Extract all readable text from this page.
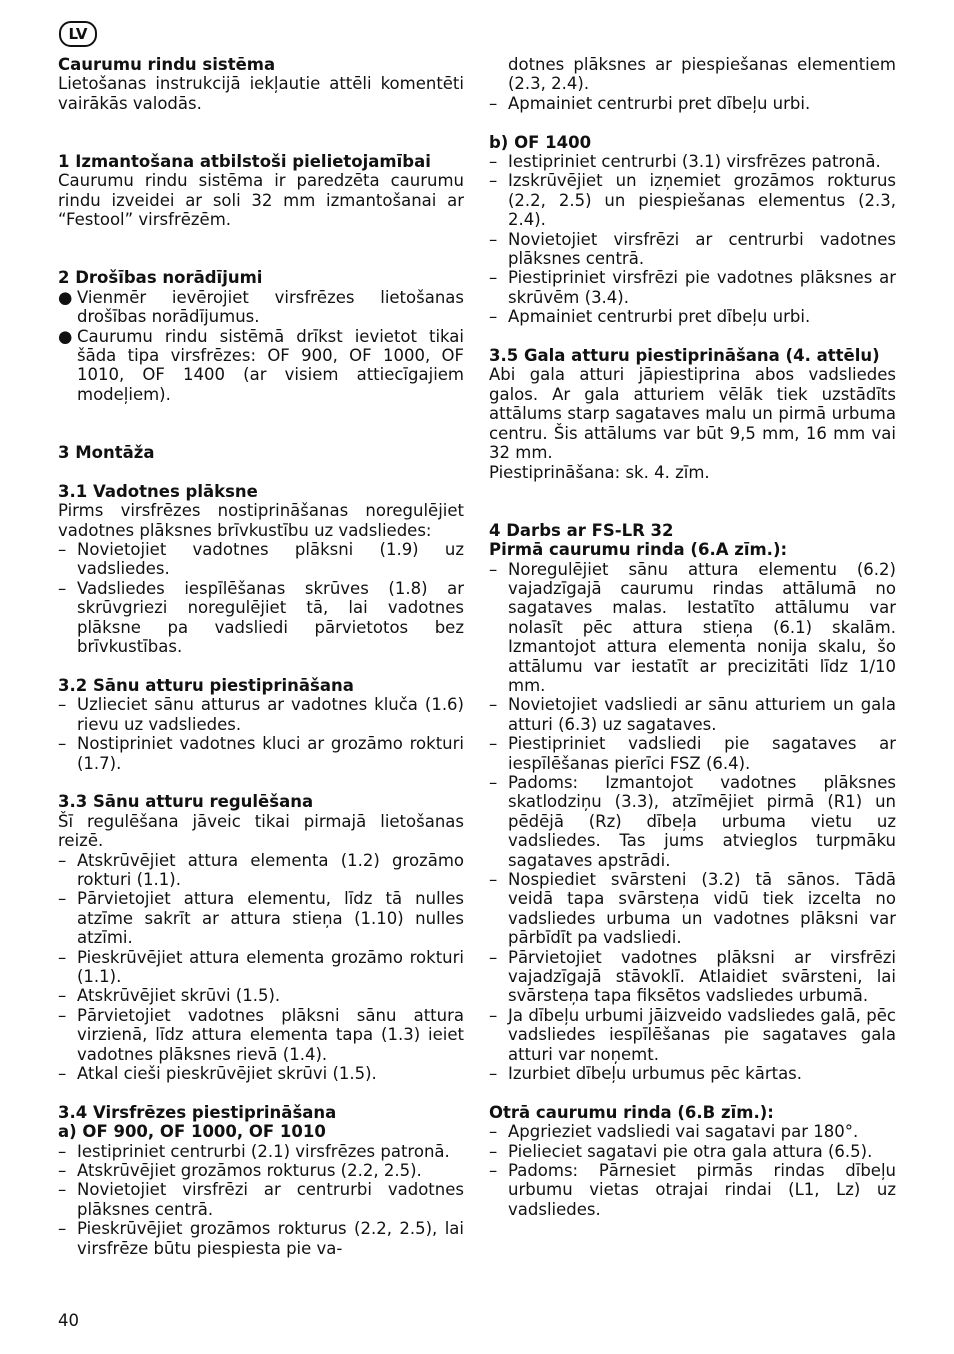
LV
Caurumu rindu sistēma
Lietošanas instrukcijā iekļautie attēli komentēti vairākās valodās.
1 Izmantošana atbilstoši pielietojamībai
Caurumu rindu sistēma ir paredzēta caurumu rindu izveidei ar soli 32 mm izmantošanai ar “Festool” virsfrēzēm.
2 Drošības norādījumi
● Vienmēr ievērojiet virsfrēzes lietošanas drošības norādījumus.
● Caurumu rindu sistēmā drīkst ievietot tikai šāda tipa virsfrēzes: OF 900, OF 1000, OF 1010, OF 1400 (ar visiem attiecīgajiem modeļiem).
3 Montāža
3.1 Vadotnes plāksne
Pirms virsfrēzes nostiprināšanas noregulējiet vadotnes plāksnes brīvkustību uz vadsliedes:
– Novietojiet vadotnes plāksni (1.9) uz vadsliedes.
– Vadsliedes iespīlēšanas skrūves (1.8) ar skrūvgriezi noregulējiet tā, lai vadotnes plāksne pa vadsliedi pārvietotos bez brīvkustības.
3.2 Sānu atturu piestiprināšana
– Uzlieciet sānu atturus ar vadotnes kluča (1.6) rievu uz vadsliedes.
– Nostipriniet vadotnes kluci ar grozāmo rokturi (1.7).
3.3 Sānu atturu regulēšana
Šī regulēšana jāveic tikai pirmajā lietošanas reizē.
– Atskrūvējiet attura elementa (1.2) grozāmo rokturi (1.1).
– Pārvietojiet attura elementu, līdz tā nulles atzīme sakrīt ar attura stieņa (1.10) nulles atzīmi.
– Pieskrūvējiet attura elementa grozāmo rokturi (1.1).
– Atskrūvējiet skrūvi (1.5).
– Pārvietojiet vadotnes plāksni sānu attura virzienā, līdz attura elementa tapa (1.3) ieiet vadotnes plāksnes rievā (1.4).
– Atkal cieši pieskrūvējiet skrūvi (1.5).
3.4 Virsfrēzes piestiprināšana
a) OF 900, OF 1000, OF 1010
– Iestipriniet centrurbi (2.1) virsfrēzes patronā.
– Atskrūvējiet grozāmos rokturus (2.2, 2.5).
– Novietojiet virsfrēzi ar centrurbi vadotnes plāksnes centrā.
– Pieskrūvējiet grozāmos rokturus (2.2, 2.5), lai virsfrēze būtu piespiesta pie va-
dotnes plāksnes ar piespiešanas elementiem (2.3, 2.4).
– Apmainiet centrurbi pret dībeļu urbi.
b) OF 1400
– Iestipriniet centrurbi (3.1) virsfrēzes patronā.
– Izskrūvējiet un izņemiet grozāmos rokturus (2.2, 2.5) un piespiešanas elementus (2.3, 2.4).
– Novietojiet virsfrēzi ar centrurbi vadotnes plāksnes centrā.
– Piestipriniet virsfrēzi pie vadotnes plāksnes ar skrūvēm (3.4).
– Apmainiet centrurbi pret dībeļu urbi.
3.5 Gala atturu piestiprināšana (4. attēlu)
Abi gala atturi jāpiestiprina abos vadsliedes galos. Ar gala atturiem vēlāk tiek uzstādīts attālums starp sagataves malu un pirmā urbuma centru. Šis attālums var būt 9,5 mm, 16 mm vai 32 mm.
Piestiprināšana: sk. 4. zīm.
4 Darbs ar FS-LR 32
Pirmā caurumu rinda (6.A zīm.):
– Noregulējiet sānu attura elementu (6.2) vajadzīgajā caurumu rindas attālumā no sagataves malas. Iestatīto attālumu var nolasīt pēc attura stieņa (6.1) skalām. Izmantojot attura elementa nonija skalu, šo attālumu var iestatīt ar precizitāti līdz 1/10 mm.
– Novietojiet vadsliedi ar sānu atturiem un gala atturi (6.3) uz sagataves.
– Piestipriniet vadsliedi pie sagataves ar iespīlēšanas pierīci FSZ (6.4).
– Padoms: Izmantojot vadotnes plāksnes skatlodziņu (3.3), atzīmējiet pirmā (R1) un pēdējā (Rz) dībeļa urbuma vietu uz vadsliedes. Tas jums atvieglos turpmāku sagataves apstrādi.
– Nospiediet svārsteni (3.2) tā sānos. Tādā veidā tapa svārsteņa vidū tiek izcelta no vadsliedes urbuma un vadotnes plāksni var pārbīdīt pa vadsliedi.
– Pārvietojiet vadotnes plāksni ar virsfrēzi vajadzīgajā stāvoklī. Atlaidiet svārsteni, lai svārsteņa tapa fiksētos vadsliedes urbumā.
– Ja dībeļu urbumi jāizveido vadsliedes galā, pēc vadsliedes iespīlēšanas pie sagataves gala atturi var noņemt.
– Izurbiet dībeļu urbumus pēc kārtas.
Otrā caurumu rinda (6.B zīm.):
– Apgrieziet vadsliedi vai sagatavi par 180°.
– Pielieciet sagatavi pie otra gala attura (6.5).
– Padoms: Pārnesiet pirmās rindas dībeļu urbumu vietas otrajai rindai (L1, Lz) uz vadsliedes.
40
